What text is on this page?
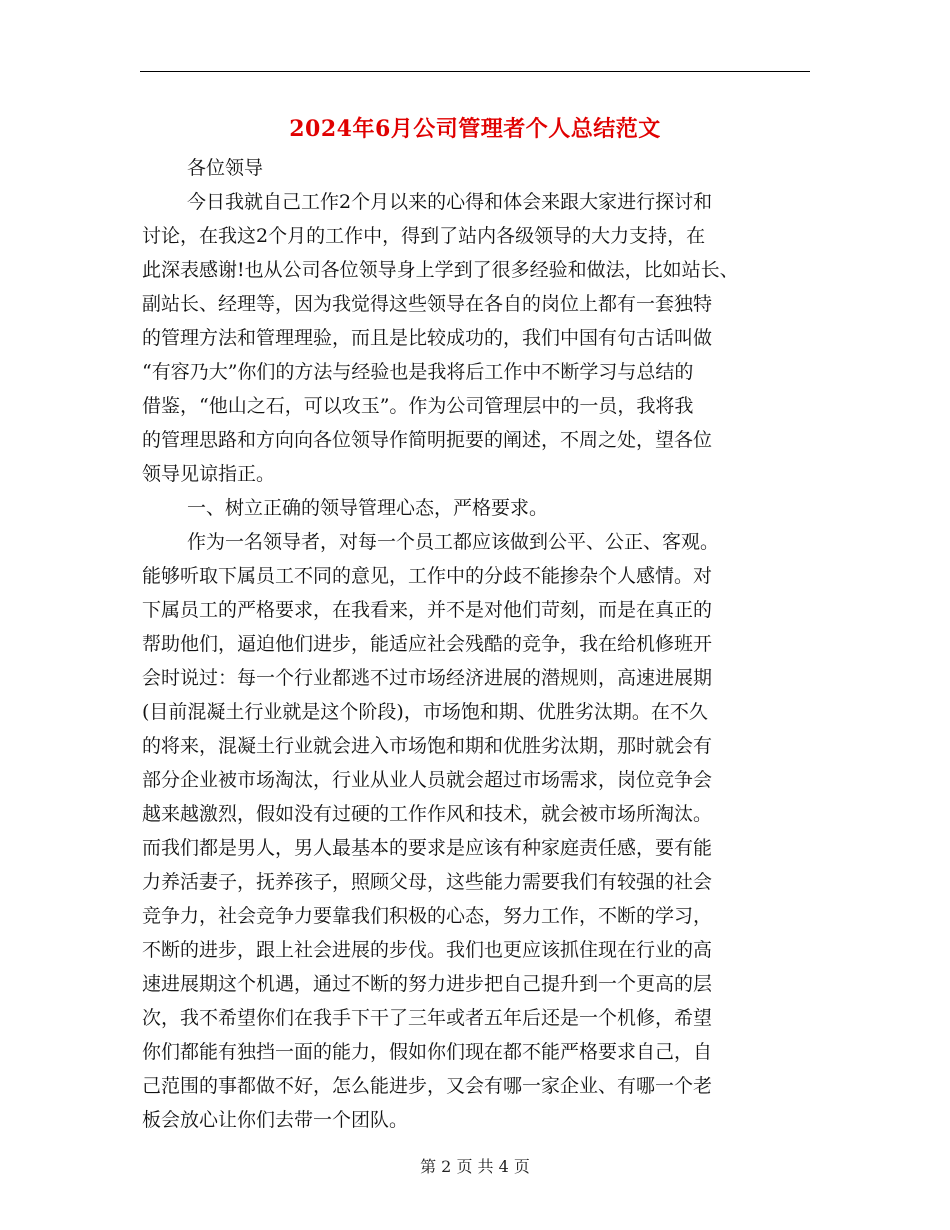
2024年6月公司管理者个人总结范文
各位领导
今日我就自己工作2个月以来的心得和体会来跟大家进行探讨和
讨论，在我这2个月的工作中，得到了站内各级领导的大力支持，在
此深表感谢!也从公司各位领导身上学到了很多经验和做法，比如站长、
副站长、经理等，因为我觉得这些领导在各自的岗位上都有一套独特
的管理方法和管理理验，而且是比较成功的，我们中国有句古话叫做
“有容乃大”你们的方法与经验也是我将后工作中不断学习与总结的
借鉴，“他山之石，可以攻玉”。作为公司管理层中的一员，我将我
的管理思路和方向向各位领导作简明扼要的阐述，不周之处，望各位
领导见谅指正。
一、树立正确的领导管理心态，严格要求。
作为一名领导者，对每一个员工都应该做到公平、公正、客观。
能够听取下属员工不同的意见，工作中的分歧不能掺杂个人感情。对
下属员工的严格要求，在我看来，并不是对他们苛刻，而是在真正的
帮助他们，逼迫他们进步，能适应社会残酷的竞争，我在给机修班开
会时说过：每一个行业都逃不过市场经济进展的潜规则，高速进展期
(目前混凝土行业就是这个阶段)，市场饱和期、优胜劣汰期。在不久
的将来，混凝土行业就会进入市场饱和期和优胜劣汰期，那时就会有
部分企业被市场淘汰，行业从业人员就会超过市场需求，岗位竞争会
越来越激烈，假如没有过硬的工作作风和技术，就会被市场所淘汰。
而我们都是男人，男人最基本的要求是应该有种家庭责任感，要有能
力养活妻子，抚养孩子，照顾父母，这些能力需要我们有较强的社会
竞争力，社会竞争力要靠我们积极的心态，努力工作，不断的学习，
不断的进步，跟上社会进展的步伐。我们也更应该抓住现在行业的高
速进展期这个机遇，通过不断的努力进步把自己提升到一个更高的层
次，我不希望你们在我手下干了三年或者五年后还是一个机修，希望
你们都能有独挡一面的能力，假如你们现在都不能严格要求自己，自
己范围的事都做不好，怎么能进步，又会有哪一家企业、有哪一个老
板会放心让你们去带一个团队。
第 2 页 共 4 页
